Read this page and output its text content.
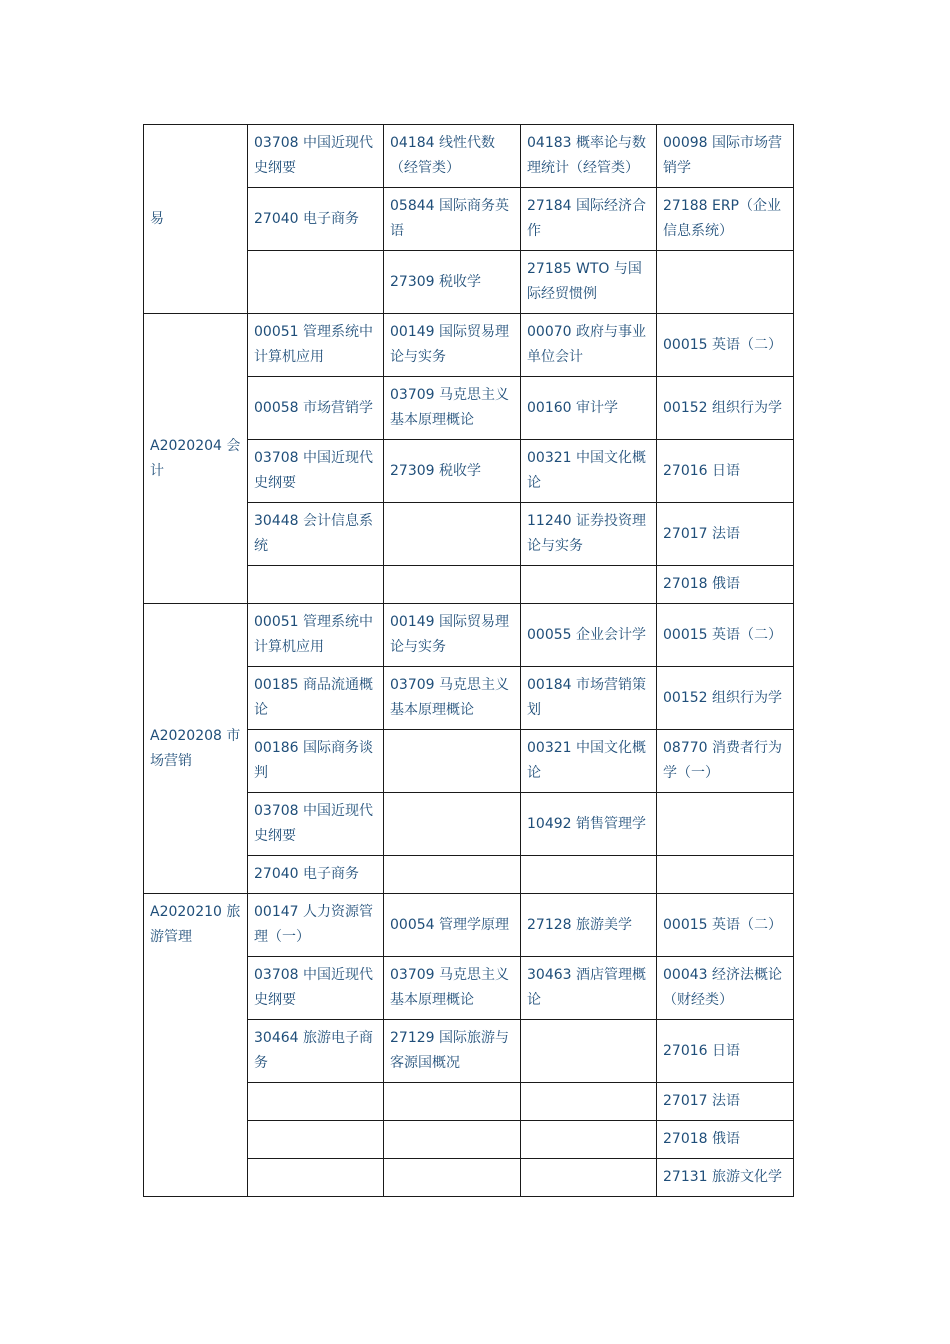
易	03708 中国近现代史纲要	04184 线性代数（经管类）	04183 概率论与数理统计（经管类）	00098 国际市场营销学
	27040 电子商务	05844 国际商务英语	27184 国际经济合作	27188 ERP（企业信息系统）
		27309 税收学	27185 WTO 与国际经贸惯例	
A2020204 会计	00051 管理系统中计算机应用	00149 国际贸易理论与实务	00070 政府与事业单位会计	00015 英语（二）
	00058 市场营销学	03709 马克思主义基本原理概论	00160 审计学	00152 组织行为学
	03708 中国近现代史纲要	27309 税收学	00321 中国文化概论	27016 日语
	30448 会计信息系统		11240 证券投资理论与实务	27017 法语
				27018 俄语
A2020208 市场营销	00051 管理系统中计算机应用	00149 国际贸易理论与实务	00055 企业会计学	00015 英语（二）
	00185 商品流通概论	03709 马克思主义基本原理概论	00184 市场营销策划	00152 组织行为学
	00186 国际商务谈判		00321 中国文化概论	08770 消费者行为学（一）
	03708 中国近现代史纲要		10492 销售管理学	
	27040 电子商务			
A2020210 旅游管理	00147 人力资源管理（一）	00054 管理学原理	27128 旅游美学	00015 英语（二）
	03708 中国近现代史纲要	03709 马克思主义基本原理概论	30463 酒店管理概论	00043 经济法概论（财经类）
	30464 旅游电子商务	27129 国际旅游与客源国概况		27016 日语
				27017 法语
				27018 俄语
				27131 旅游文化学
